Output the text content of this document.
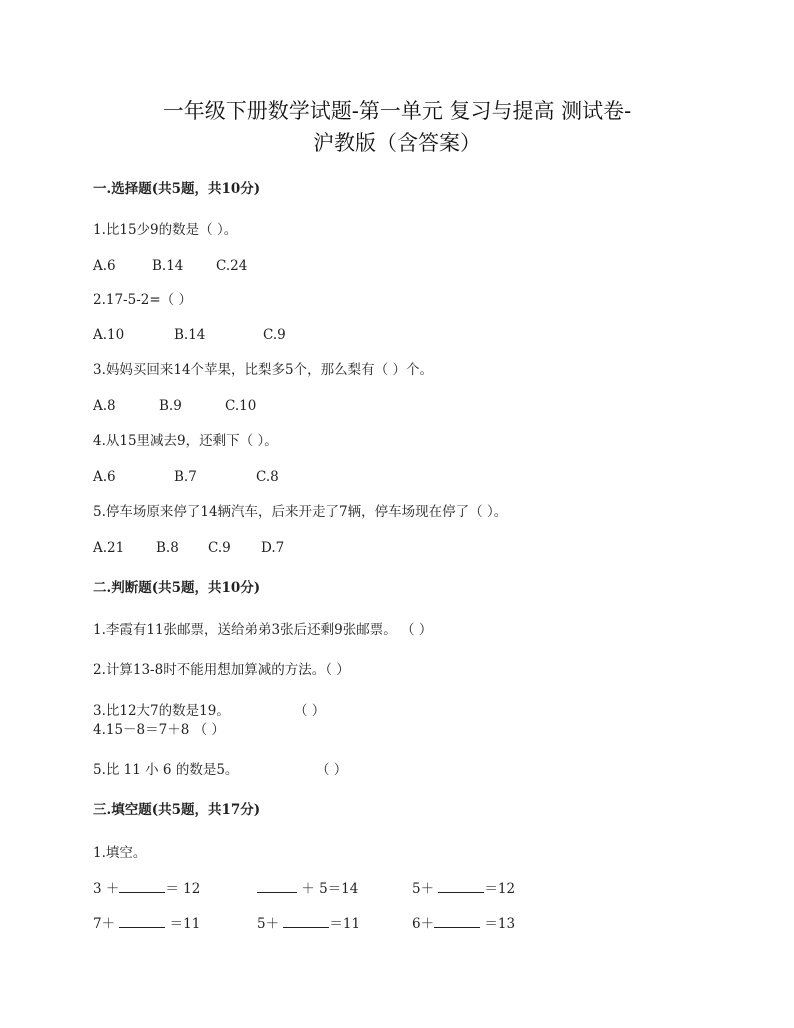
一年级下册数学试题-第一单元 复习与提高 测试卷-
沪教版（含答案）
一.选择题(共5题，共10分)
1.比15少9的数是（ ）。
A.6	B.14 C.24
2.17-5-2=（ ）
A.10	B.14	C.9
3.妈妈买回来14个苹果，比梨多5个，那么梨有（ ）个。
A.8	B.9	C.10
4.从15里减去9，还剩下（ ）。
A.6	B.7	C.8
5.停车场原来停了14辆汽车，后来开走了7辆，停车场现在停了（ ）。
A.21 B.8 C.9 D.7
二.判断题(共5题，共10分)
1.李霞有11张邮票，送给弟弟3张后还剩9张邮票。 （ ）
2.计算13-8时不能用想加算减的方法。（ ）
3.比12大7的数是19。	（ ）
4.15－8＝7＋8 （ ）
5.比 11 小 6 的数是5。	（ ）
三.填空题(共5题，共17分)
1.填空。
3 ＋	＝ 12	＋ 5＝14	5＋	＝12
7＋	＝11	5＋	＝11	6＋	＝13
